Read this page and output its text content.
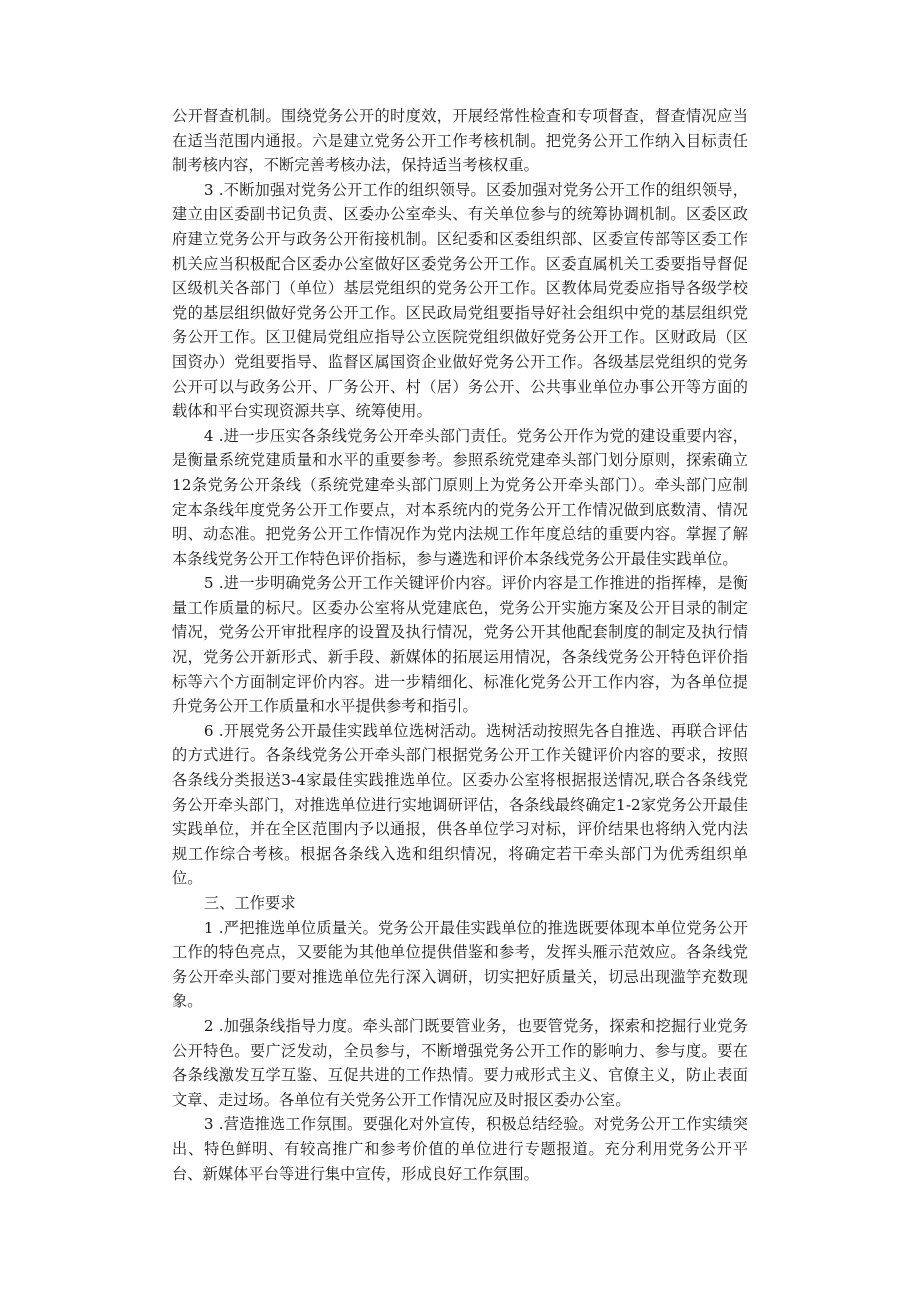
公开督查机制。围绕党务公开的时度效，开展经常性检查和专项督查，督查情况应当在适当范围内通报。六是建立党务公开工作考核机制。把党务公开工作纳入目标责任制考核内容，不断完善考核办法，保持适当考核权重。

3 .不断加强对党务公开工作的组织领导。区委加强对党务公开工作的组织领导，建立由区委副书记负责、区委办公室牵头、有关单位参与的统筹协调机制。区委区政府建立党务公开与政务公开衔接机制。区纪委和区委组织部、区委宣传部等区委工作机关应当积极配合区委办公室做好区委党务公开工作。区委直属机关工委要指导督促区级机关各部门（单位）基层党组织的党务公开工作。区教体局党委应指导各级学校党的基层组织做好党务公开工作。区民政局党组要指导好社会组织中党的基层组织党务公开工作。区卫健局党组应指导公立医院党组织做好党务公开工作。区财政局（区国资办）党组要指导、监督区属国资企业做好党务公开工作。各级基层党组织的党务公开可以与政务公开、厂务公开、村（居）务公开、公共事业单位办事公开等方面的载体和平台实现资源共享、统筹使用。

4 .进一步压实各条线党务公开牵头部门责任。党务公开作为党的建设重要内容，是衡量系统党建质量和水平的重要参考。参照系统党建牵头部门划分原则，探索确立12条党务公开条线（系统党建牵头部门原则上为党务公开牵头部门）。牵头部门应制定本条线年度党务公开工作要点，对本系统内的党务公开工作情况做到底数清、情况明、动态准。把党务公开工作情况作为党内法规工作年度总结的重要内容。掌握了解本条线党务公开工作特色评价指标，参与遴选和评价本条线党务公开最佳实践单位。

5 .进一步明确党务公开工作关键评价内容。评价内容是工作推进的指挥棒，是衡量工作质量的标尺。区委办公室将从党建底色，党务公开实施方案及公开目录的制定情况，党务公开审批程序的设置及执行情况，党务公开其他配套制度的制定及执行情况，党务公开新形式、新手段、新媒体的拓展运用情况，各条线党务公开特色评价指标等六个方面制定评价内容。进一步精细化、标准化党务公开工作内容，为各单位提升党务公开工作质量和水平提供参考和指引。

6 .开展党务公开最佳实践单位选树活动。选树活动按照先各自推选、再联合评估的方式进行。各条线党务公开牵头部门根据党务公开工作关键评价内容的要求，按照各条线分类报送3-4家最佳实践推选单位。区委办公室将根据报送情况,联合各条线党务公开牵头部门，对推选单位进行实地调研评估，各条线最终确定1-2家党务公开最佳实践单位，并在全区范围内予以通报，供各单位学习对标，评价结果也将纳入党内法规工作综合考核。根据各条线入选和组织情况，将确定若干牵头部门为优秀组织单位。

三、工作要求

1 .严把推选单位质量关。党务公开最佳实践单位的推选既要体现本单位党务公开工作的特色亮点，又要能为其他单位提供借鉴和参考，发挥头雁示范效应。各条线党务公开牵头部门要对推选单位先行深入调研，切实把好质量关，切忌出现滥竽充数现象。

2 .加强条线指导力度。牵头部门既要管业务，也要管党务，探索和挖掘行业党务公开特色。要广泛发动，全员参与，不断增强党务公开工作的影响力、参与度。要在各条线激发互学互鉴、互促共进的工作热情。要力戒形式主义、官僚主义，防止表面文章、走过场。各单位有关党务公开工作情况应及时报区委办公室。

3 .营造推选工作氛围。要强化对外宣传，积极总结经验。对党务公开工作实绩突出、特色鲜明、有较高推广和参考价值的单位进行专题报道。充分利用党务公开平台、新媒体平台等进行集中宣传，形成良好工作氛围。
